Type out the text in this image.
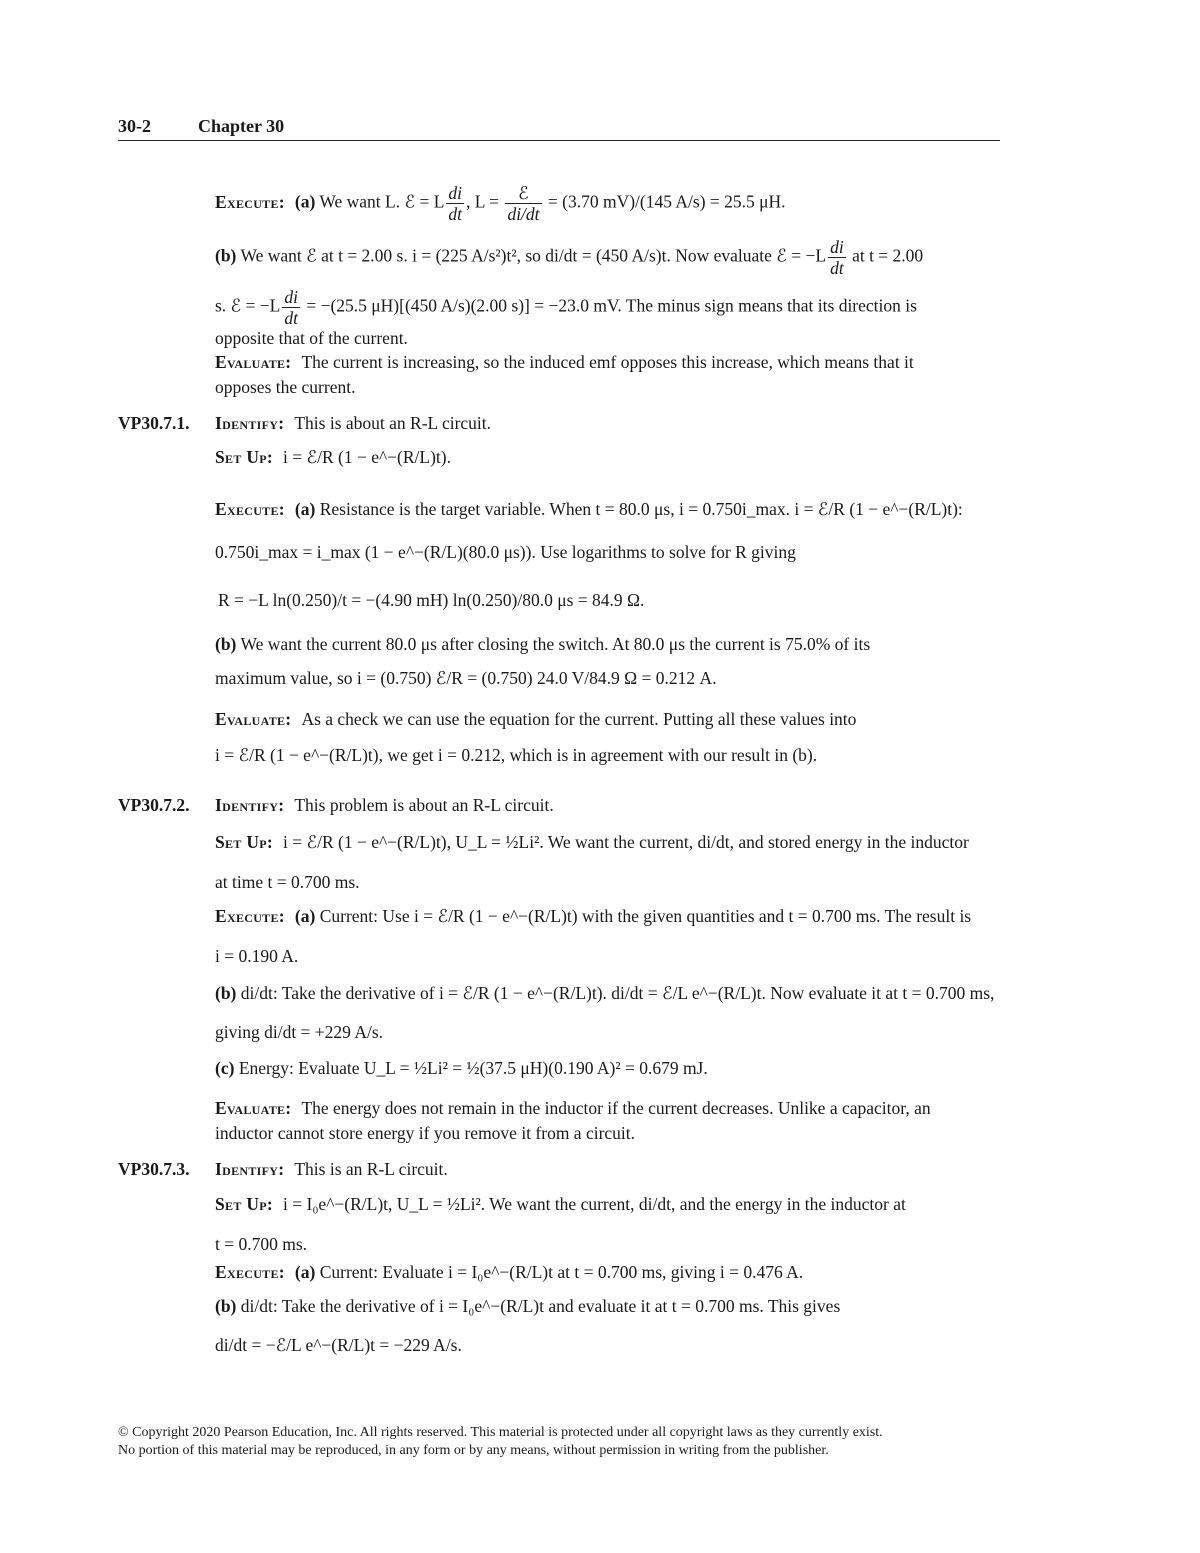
30-2	Chapter 30
Execute: (a) We want L. ℰ = L $\frac{di}{dt}$ , $L = \frac{\text{ℰ}}{di/dt} = (3.70$ mV)/(145 A/s) = 25.5 μH.
(b) We want ℰ at t = 2.00 s. i = (225 A/s²)t², so di/dt = (450 A/s)t. Now evaluate ℰ = $-L \frac{di}{dt}$ at t = 2.00
s. ℰ = $-L \frac{di}{dt} = -(25.5$ μH)[(450 A/s)(2.00 s)] = −23.0 mV. The minus sign means that its direction is
opposite that of the current.
Evaluate: The current is increasing, so the induced emf opposes this increase, which means that it
opposes the current.
VP30.7.1. Identify: This is about an R-L circuit.
Set Up: i = ℰ/R (1 − e^−(R/L)t).
Execute: (a) Resistance is the target variable. When t = 80.0 μs, i = 0.750i_max. i = ℰ/R (1 − e^−(R/L)t):
0.750i_max = i_max (1 − e^−(R/L)(80.0 μs)). Use logarithms to solve for R giving
R = −L ln(0.250)/t = −(4.90 mH) ln(0.250)/80.0 μs = 84.9 Ω.
(b) We want the current 80.0 μs after closing the switch. At 80.0 μs the current is 75.0% of its
maximum value, so i = (0.750) ℰ/R = (0.750) 24.0 V/84.9 Ω = 0.212 A.
Evaluate: As a check we can use the equation for the current. Putting all these values into
i = ℰ/R (1 − e^−(R/L)t), we get i = 0.212, which is in agreement with our result in (b).
VP30.7.2. Identify: This problem is about an R-L circuit.
Set Up: i = ℰ/R (1 − e^−(R/L)t), U_L = ½Li². We want the current, di/dt, and stored energy in the inductor
at time t = 0.700 ms.
Execute: (a) Current: Use i = ℰ/R (1 − e^−(R/L)t) with the given quantities and t = 0.700 ms. The result is
i = 0.190 A.
(b) di/dt: Take the derivative of i = ℰ/R (1 − e^−(R/L)t). di/dt = ℰ/L e^−(R/L)t. Now evaluate it at t = 0.700 ms,
giving di/dt = +229 A/s.
(c) Energy: Evaluate U_L = ½Li² = ½(37.5 μH)(0.190 A)² = 0.679 mJ.
Evaluate: The energy does not remain in the inductor if the current decreases. Unlike a capacitor, an
inductor cannot store energy if you remove it from a circuit.
VP30.7.3. Identify: This is an R-L circuit.
Set Up: i = I₀e^−(R/L)t, U_L = ½Li². We want the current, di/dt, and the energy in the inductor at
t = 0.700 ms.
Execute: (a) Current: Evaluate i = I₀e^−(R/L)t at t = 0.700 ms, giving i = 0.476 A.
(b) di/dt: Take the derivative of i = I₀e^−(R/L)t and evaluate it at t = 0.700 ms. This gives
di/dt = −ℰ/L e^−(R/L)t = −229 A/s.
© Copyright 2020 Pearson Education, Inc. All rights reserved. This material is protected under all copyright laws as they currently exist.
No portion of this material may be reproduced, in any form or by any means, without permission in writing from the publisher.
